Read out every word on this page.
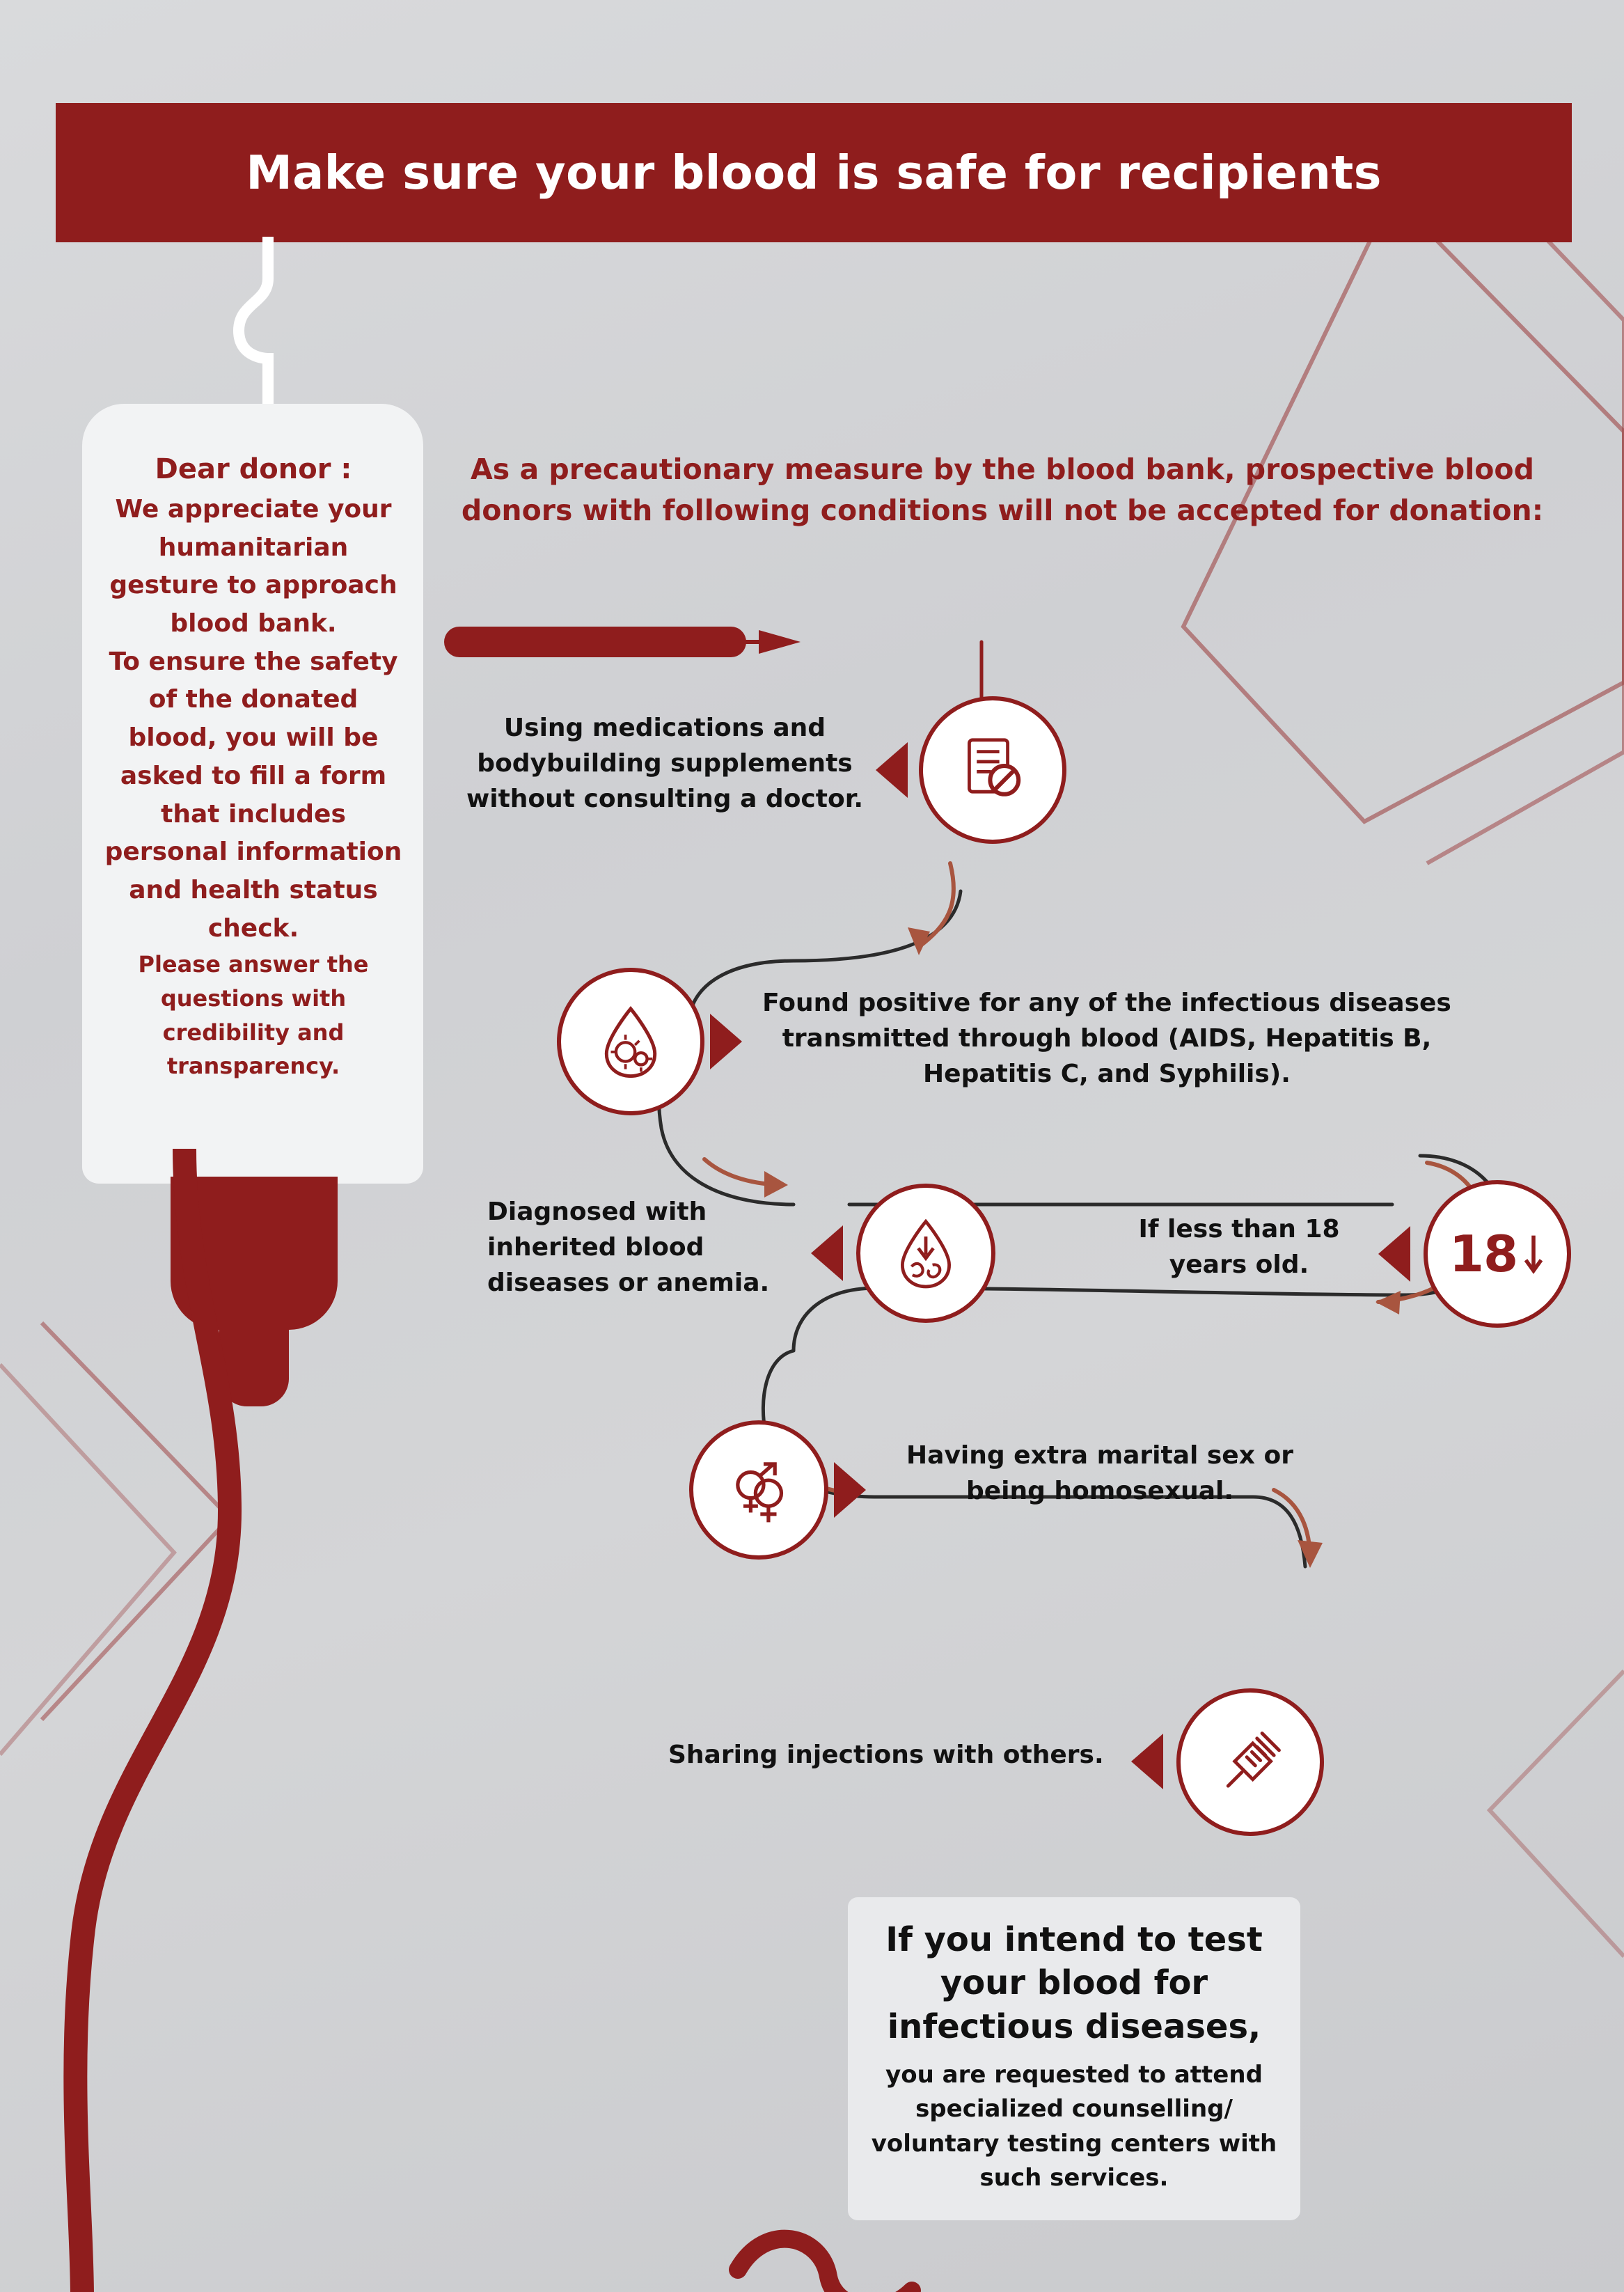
Make sure your blood is safe for recipients
Dear donor :
We appreciate your humanitarian gesture to approach blood bank.
To ensure the safety of the donated blood, you will be asked to fill a form that includes personal information and health status check.
Please answer the questions with credibility and transparency.
As a precautionary measure by the blood bank, prospective blood donors with following conditions will not be accepted for donation:
Using medications and bodybuilding supplements without consulting a doctor.
Found positive for any of the infectious diseases transmitted through blood (AIDS, Hepatitis B, Hepatitis C, and Syphilis).
Diagnosed with inherited blood diseases or anemia.	18
If less than 18 years old.
Having extra marital sex or being homosexual.
Sharing injections with others.
If you intend to test your blood for infectious diseases,
you are requested to attend specialized counselling/ voluntary testing centers with such services.
